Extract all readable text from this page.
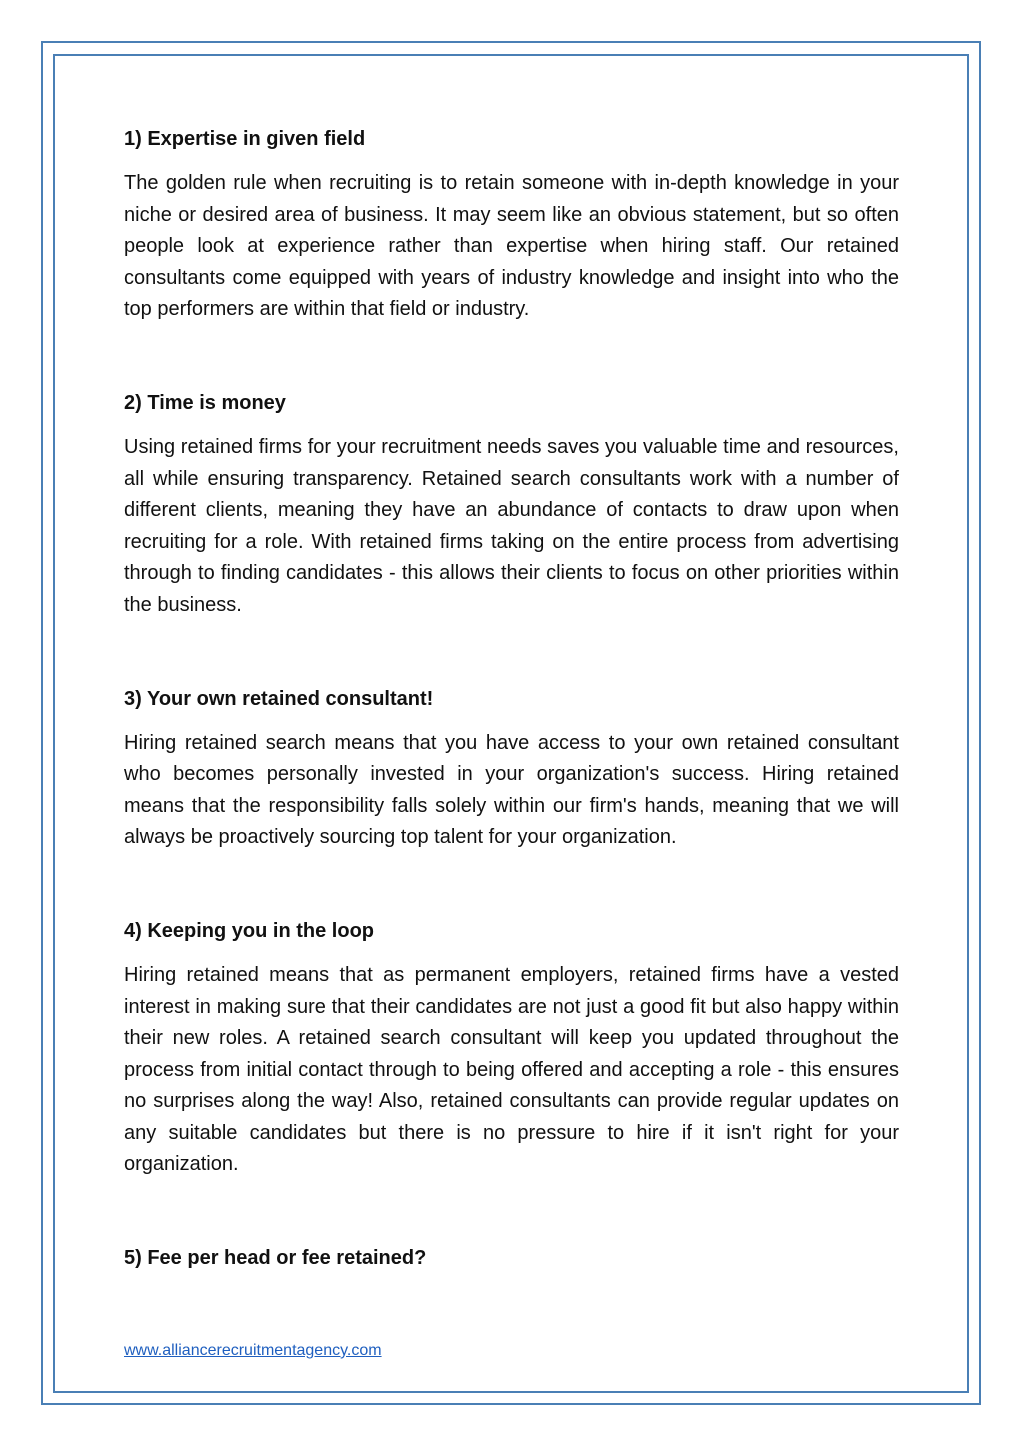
1) Expertise in given field

The golden rule when recruiting is to retain someone with in-depth knowledge in your niche or desired area of business. It may seem like an obvious statement, but so often people look at experience rather than expertise when hiring staff. Our retained consultants come equipped with years of industry knowledge and insight into who the top performers are within that field or industry.

2) Time is money

Using retained firms for your recruitment needs saves you valuable time and resources, all while ensuring transparency. Retained search consultants work with a number of different clients, meaning they have an abundance of contacts to draw upon when recruiting for a role. With retained firms taking on the entire process from advertising through to finding candidates - this allows their clients to focus on other priorities within the business.

3) Your own retained consultant!

Hiring retained search means that you have access to your own retained consultant who becomes personally invested in your organization's success. Hiring retained means that the responsibility falls solely within our firm's hands, meaning that we will always be proactively sourcing top talent for your organization.

4) Keeping you in the loop

Hiring retained means that as permanent employers, retained firms have a vested interest in making sure that their candidates are not just a good fit but also happy within their new roles. A retained search consultant will keep you updated throughout the process from initial contact through to being offered and accepting a role - this ensures no surprises along the way! Also, retained consultants can provide regular updates on any suitable candidates but there is no pressure to hire if it isn't right for your organization.

5) Fee per head or fee retained?
www.alliancerecruitmentagency.com
